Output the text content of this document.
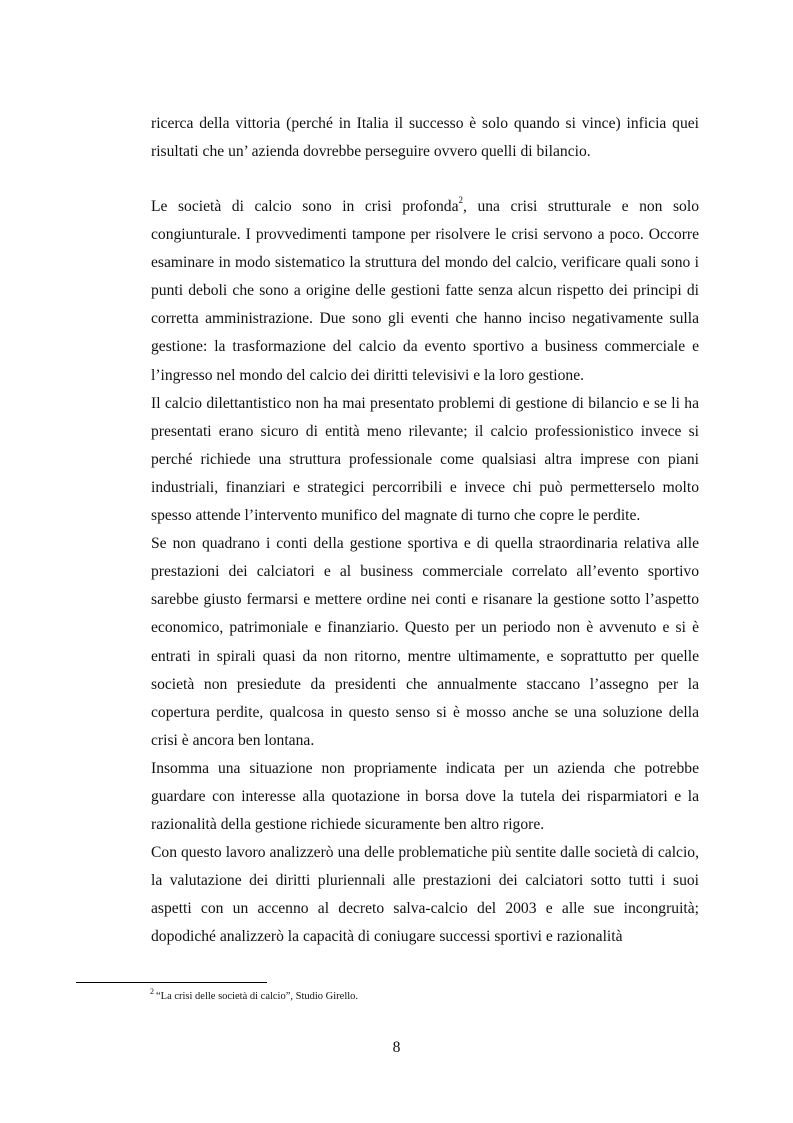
ricerca della vittoria (perché in Italia il successo è solo quando si vince) inficia quei risultati che un’ azienda dovrebbe perseguire ovvero quelli di bilancio.

Le società di calcio sono in crisi profonda$^2$, una crisi strutturale e non solo congiunturale. I provvedimenti tampone per risolvere le crisi servono a poco. Occorre esaminare in modo sistematico la struttura del mondo del calcio, verificare quali sono i punti deboli che sono a origine delle gestioni fatte senza alcun rispetto dei principi di corretta amministrazione. Due sono gli eventi che hanno inciso negativamente sulla gestione: la trasformazione del calcio da evento sportivo a business commerciale e l’ingresso nel mondo del calcio dei diritti televisivi e la loro gestione.

Il calcio dilettantistico non ha mai presentato problemi di gestione di bilancio e se li ha presentati erano sicuro di entità meno rilevante; il calcio professionistico invece si perché richiede una struttura professionale come qualsiasi altra imprese con piani industriali, finanziari e strategici percorribili e invece chi può permetterselo molto spesso attende l’intervento munifico del magnate di turno che copre le perdite.

Se non quadrano i conti della gestione sportiva e di quella straordinaria relativa alle prestazioni dei calciatori e al business commerciale correlato all’evento sportivo sarebbe giusto fermarsi e mettere ordine nei conti e risanare la gestione sotto l’aspetto economico, patrimoniale e finanziario. Questo per un periodo non è avvenuto e si è entrati in spirali quasi da non ritorno, mentre ultimamente, e soprattutto per quelle società non presiedute da presidenti che annualmente staccano l’assegno per la copertura perdite, qualcosa in questo senso si è mosso anche se una soluzione della crisi è ancora ben lontana.

Insomma una situazione non propriamente indicata per un azienda che potrebbe guardare con interesse alla quotazione in borsa dove la tutela dei risparmiatori e la razionalità della gestione richiede sicuramente ben altro rigore.

Con questo lavoro analizzerò una delle problematiche più sentite dalle società di calcio, la valutazione dei diritti pluriennali alle prestazioni dei calciatori sotto tutti i suoi aspetti con un accenno al decreto salva-calcio del 2003 e alle sue incongruità; dopodiché analizzerò la capacità di coniugare successi sportivi e razionalità

$^2$ “La crisi delle società di calcio”, Studio Girello.
8
